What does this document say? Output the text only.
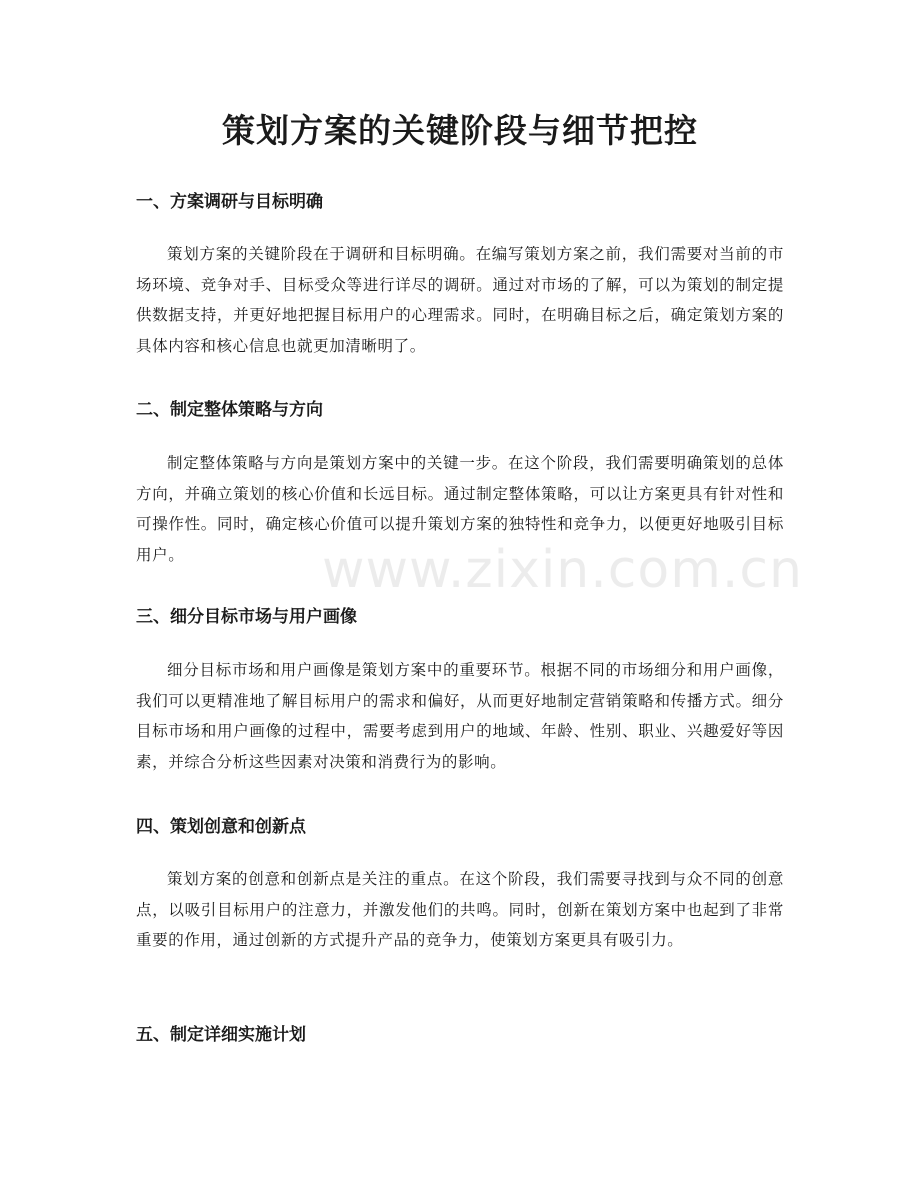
策划方案的关键阶段与细节把控
一、方案调研与目标明确

策划方案的关键阶段在于调研和目标明确。在编写策划方案之前，我们需要对当前的市场环境、竞争对手、目标受众等进行详尽的调研。通过对市场的了解，可以为策划的制定提供数据支持，并更好地把握目标用户的心理需求。同时，在明确目标之后，确定策划方案的具体内容和核心信息也就更加清晰明了。

二、制定整体策略与方向

制定整体策略与方向是策划方案中的关键一步。在这个阶段，我们需要明确策划的总体方向，并确立策划的核心价值和长远目标。通过制定整体策略，可以让方案更具有针对性和可操作性。同时，确定核心价值可以提升策划方案的独特性和竞争力，以便更好地吸引目标用户。

三、细分目标市场与用户画像

细分目标市场和用户画像是策划方案中的重要环节。根据不同的市场细分和用户画像，我们可以更精准地了解目标用户的需求和偏好，从而更好地制定营销策略和传播方式。细分目标市场和用户画像的过程中，需要考虑到用户的地域、年龄、性别、职业、兴趣爱好等因素，并综合分析这些因素对决策和消费行为的影响。

四、策划创意和创新点

策划方案的创意和创新点是关注的重点。在这个阶段，我们需要寻找到与众不同的创意点，以吸引目标用户的注意力，并激发他们的共鸣。同时，创新在策划方案中也起到了非常重要的作用，通过创新的方式提升产品的竞争力，使策划方案更具有吸引力。

五、制定详细实施计划
www.zixin.com.cn
